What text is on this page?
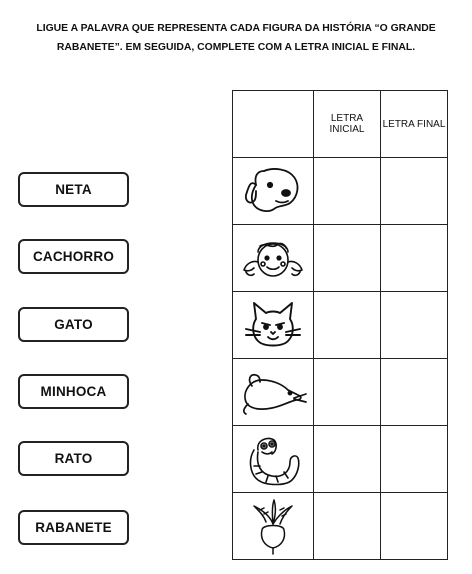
LIGUE A PALAVRA QUE REPRESENTA CADA FIGURA DA HISTÓRIA “O GRANDE
RABANETE”. EM SEGUIDA, COMPLETE COM A LETRA INICIAL E FINAL.
NETA
CACHORRO
GATO
MINHOCA
RATO
RABANETE
	LETRA INICIAL	LETRA FINAL
